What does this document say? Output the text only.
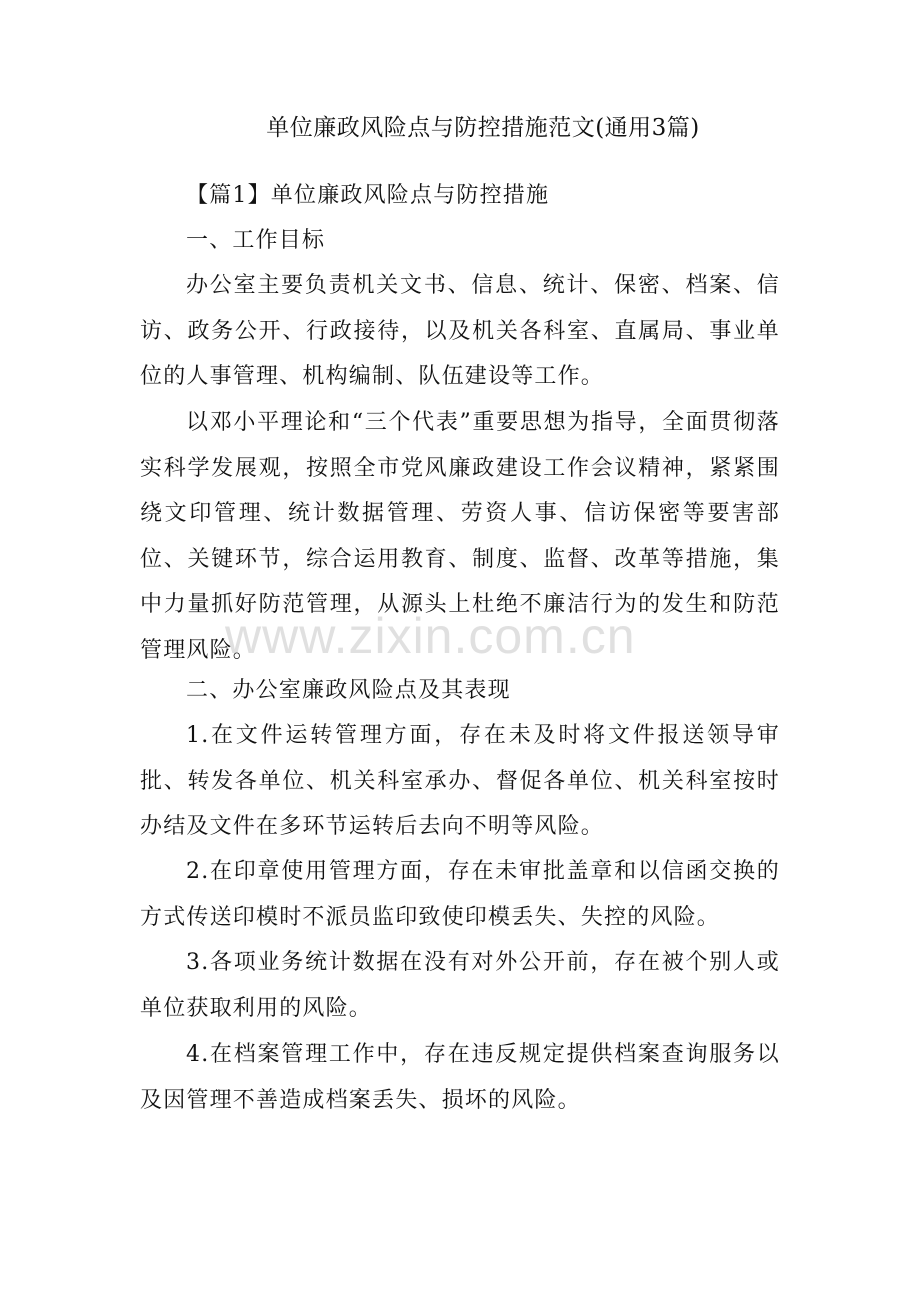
单位廉政风险点与防控措施范文(通用3篇)
【篇1】单位廉政风险点与防控措施
一、工作目标
办公室主要负责机关文书、信息、统计、保密、档案、信访、政务公开、行政接待，以及机关各科室、直属局、事业单位的人事管理、机构编制、队伍建设等工作。
以邓小平理论和“三个代表”重要思想为指导，全面贯彻落实科学发展观，按照全市党风廉政建设工作会议精神，紧紧围绕文印管理、统计数据管理、劳资人事、信访保密等要害部位、关键环节，综合运用教育、制度、监督、改革等措施，集中力量抓好防范管理，从源头上杜绝不廉洁行为的发生和防范管理风险。
二、办公室廉政风险点及其表现
1.在文件运转管理方面，存在未及时将文件报送领导审批、转发各单位、机关科室承办、督促各单位、机关科室按时办结及文件在多环节运转后去向不明等风险。
2.在印章使用管理方面，存在未审批盖章和以信函交换的方式传送印模时不派员监印致使印模丢失、失控的风险。
3.各项业务统计数据在没有对外公开前，存在被个别人或单位获取利用的风险。
4.在档案管理工作中，存在违反规定提供档案查询服务以及因管理不善造成档案丢失、损坏的风险。
www.zixin.com.cn
